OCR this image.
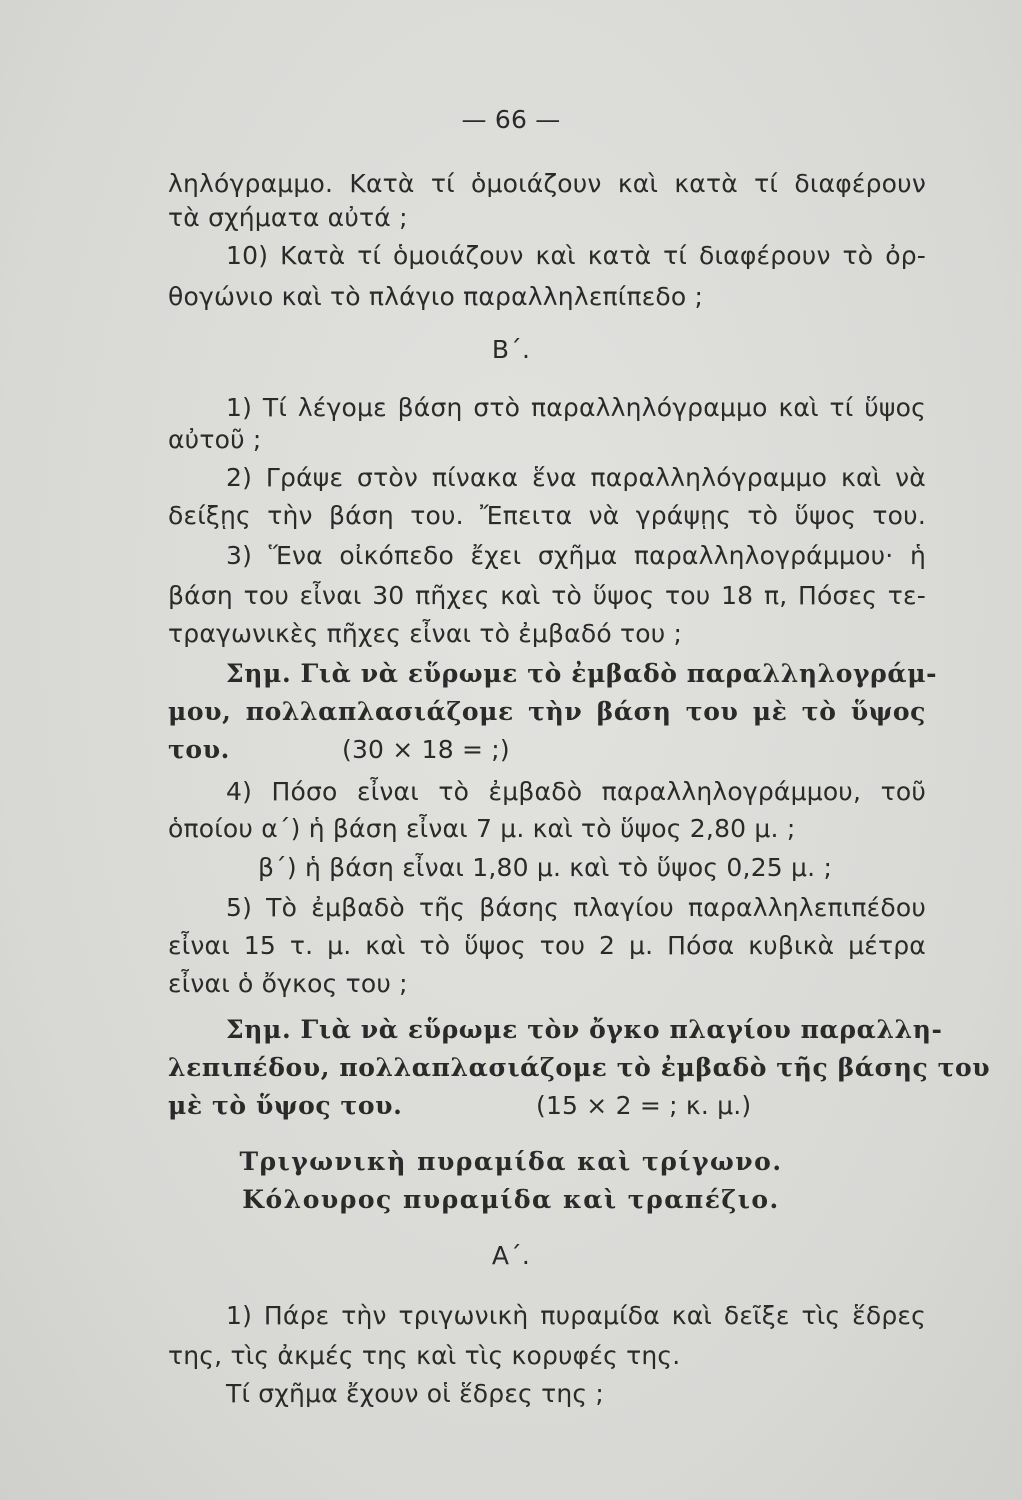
— 66 —
ληλόγραμμο. Κατὰ τί ὁμοιάζουν καὶ κατὰ τί διαφέρουν
τὰ σχήματα αὐτά ;
10) Κατὰ τί ὁμοιάζουν καὶ κατὰ τί διαφέρουν τὸ ὀρ-
θογώνιο καὶ τὸ πλάγιο παραλληλεπίπεδο ;
Β΄.
1) Τί λέγομε βάση στὸ παραλληλόγραμμο καὶ τί ὕψος
αὐτοῦ ;
2) Γράψε στὸν πίνακα ἕνα παραλληλόγραμμο καὶ νὰ
δείξῃς τὴν βάση του. Ἔπειτα νὰ γράψῃς τὸ ὕψος του.
3) Ἕνα οἰκόπεδο ἔχει σχῆμα παραλληλογράμμου· ἡ
βάση του εἶναι 30 πῆχες καὶ τὸ ὕψος του 18 π, Πόσες τε-
τραγωνικὲς πῆχες εἶναι τὸ ἐμβαδό του ;
Σημ. Γιὰ νὰ εὕρωμε τὸ ἐμβαδὸ παραλληλογράμ-
μου, πολλαπλασιάζομε τὴν βάση του μὲ τὸ ὕψος
του.	(30 × 18 = ;)
4) Πόσο εἶναι τὸ ἐμβαδὸ παραλληλογράμμου, τοῦ
ὁποίου α΄) ἡ βάση εἶναι 7 μ. καὶ τὸ ὕψος 2,80 μ. ;
β΄) ἡ βάση εἶναι 1,80 μ. καὶ τὸ ὕψος 0,25 μ. ;
5) Τὸ ἐμβαδὸ τῆς βάσης πλαγίου παραλληλεπιπέδου
εἶναι 15 τ. μ. καὶ τὸ ὕψος του 2 μ. Πόσα κυβικὰ μέτρα
εἶναι ὁ ὄγκος του ;
Σημ. Γιὰ νὰ εὕρωμε τὸν ὄγκο πλαγίου παραλλη-
λεπιπέδου, πολλαπλασιάζομε τὸ ἐμβαδὸ τῆς βάσης του
μὲ τὸ ὕψος του.	(15 × 2 = ; κ. μ.)
Τριγωνικὴ πυραμίδα καὶ τρίγωνο.
Κόλουρος πυραμίδα καὶ τραπέζιο.
Α΄.
1) Πάρε τὴν τριγωνικὴ πυραμίδα καὶ δεῖξε τὶς ἕδρες
της, τὶς ἀκμές της καὶ τὶς κορυφές της.
Τί σχῆμα ἔχουν οἱ ἕδρες της ;
